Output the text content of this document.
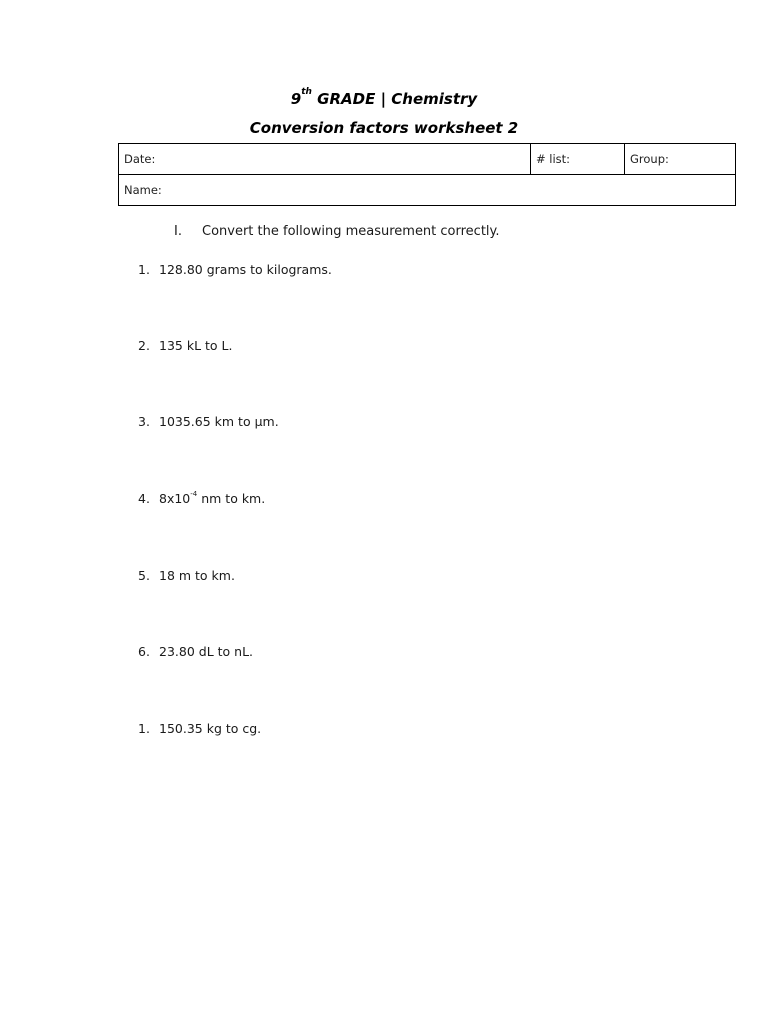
9th GRADE | Chemistry
Conversion factors worksheet 2
Date:	# list:	Group:
Name:
I. Convert the following measurement correctly.
1. 128.80 grams to kilograms.
2. 135 kL to L.
3. 1035.65 km to μm.
4. $8x10^{-4}$ nm to km.
5. 18 m to km.
6. 23.80 dL to nL.
1. 150.35 kg to cg.
